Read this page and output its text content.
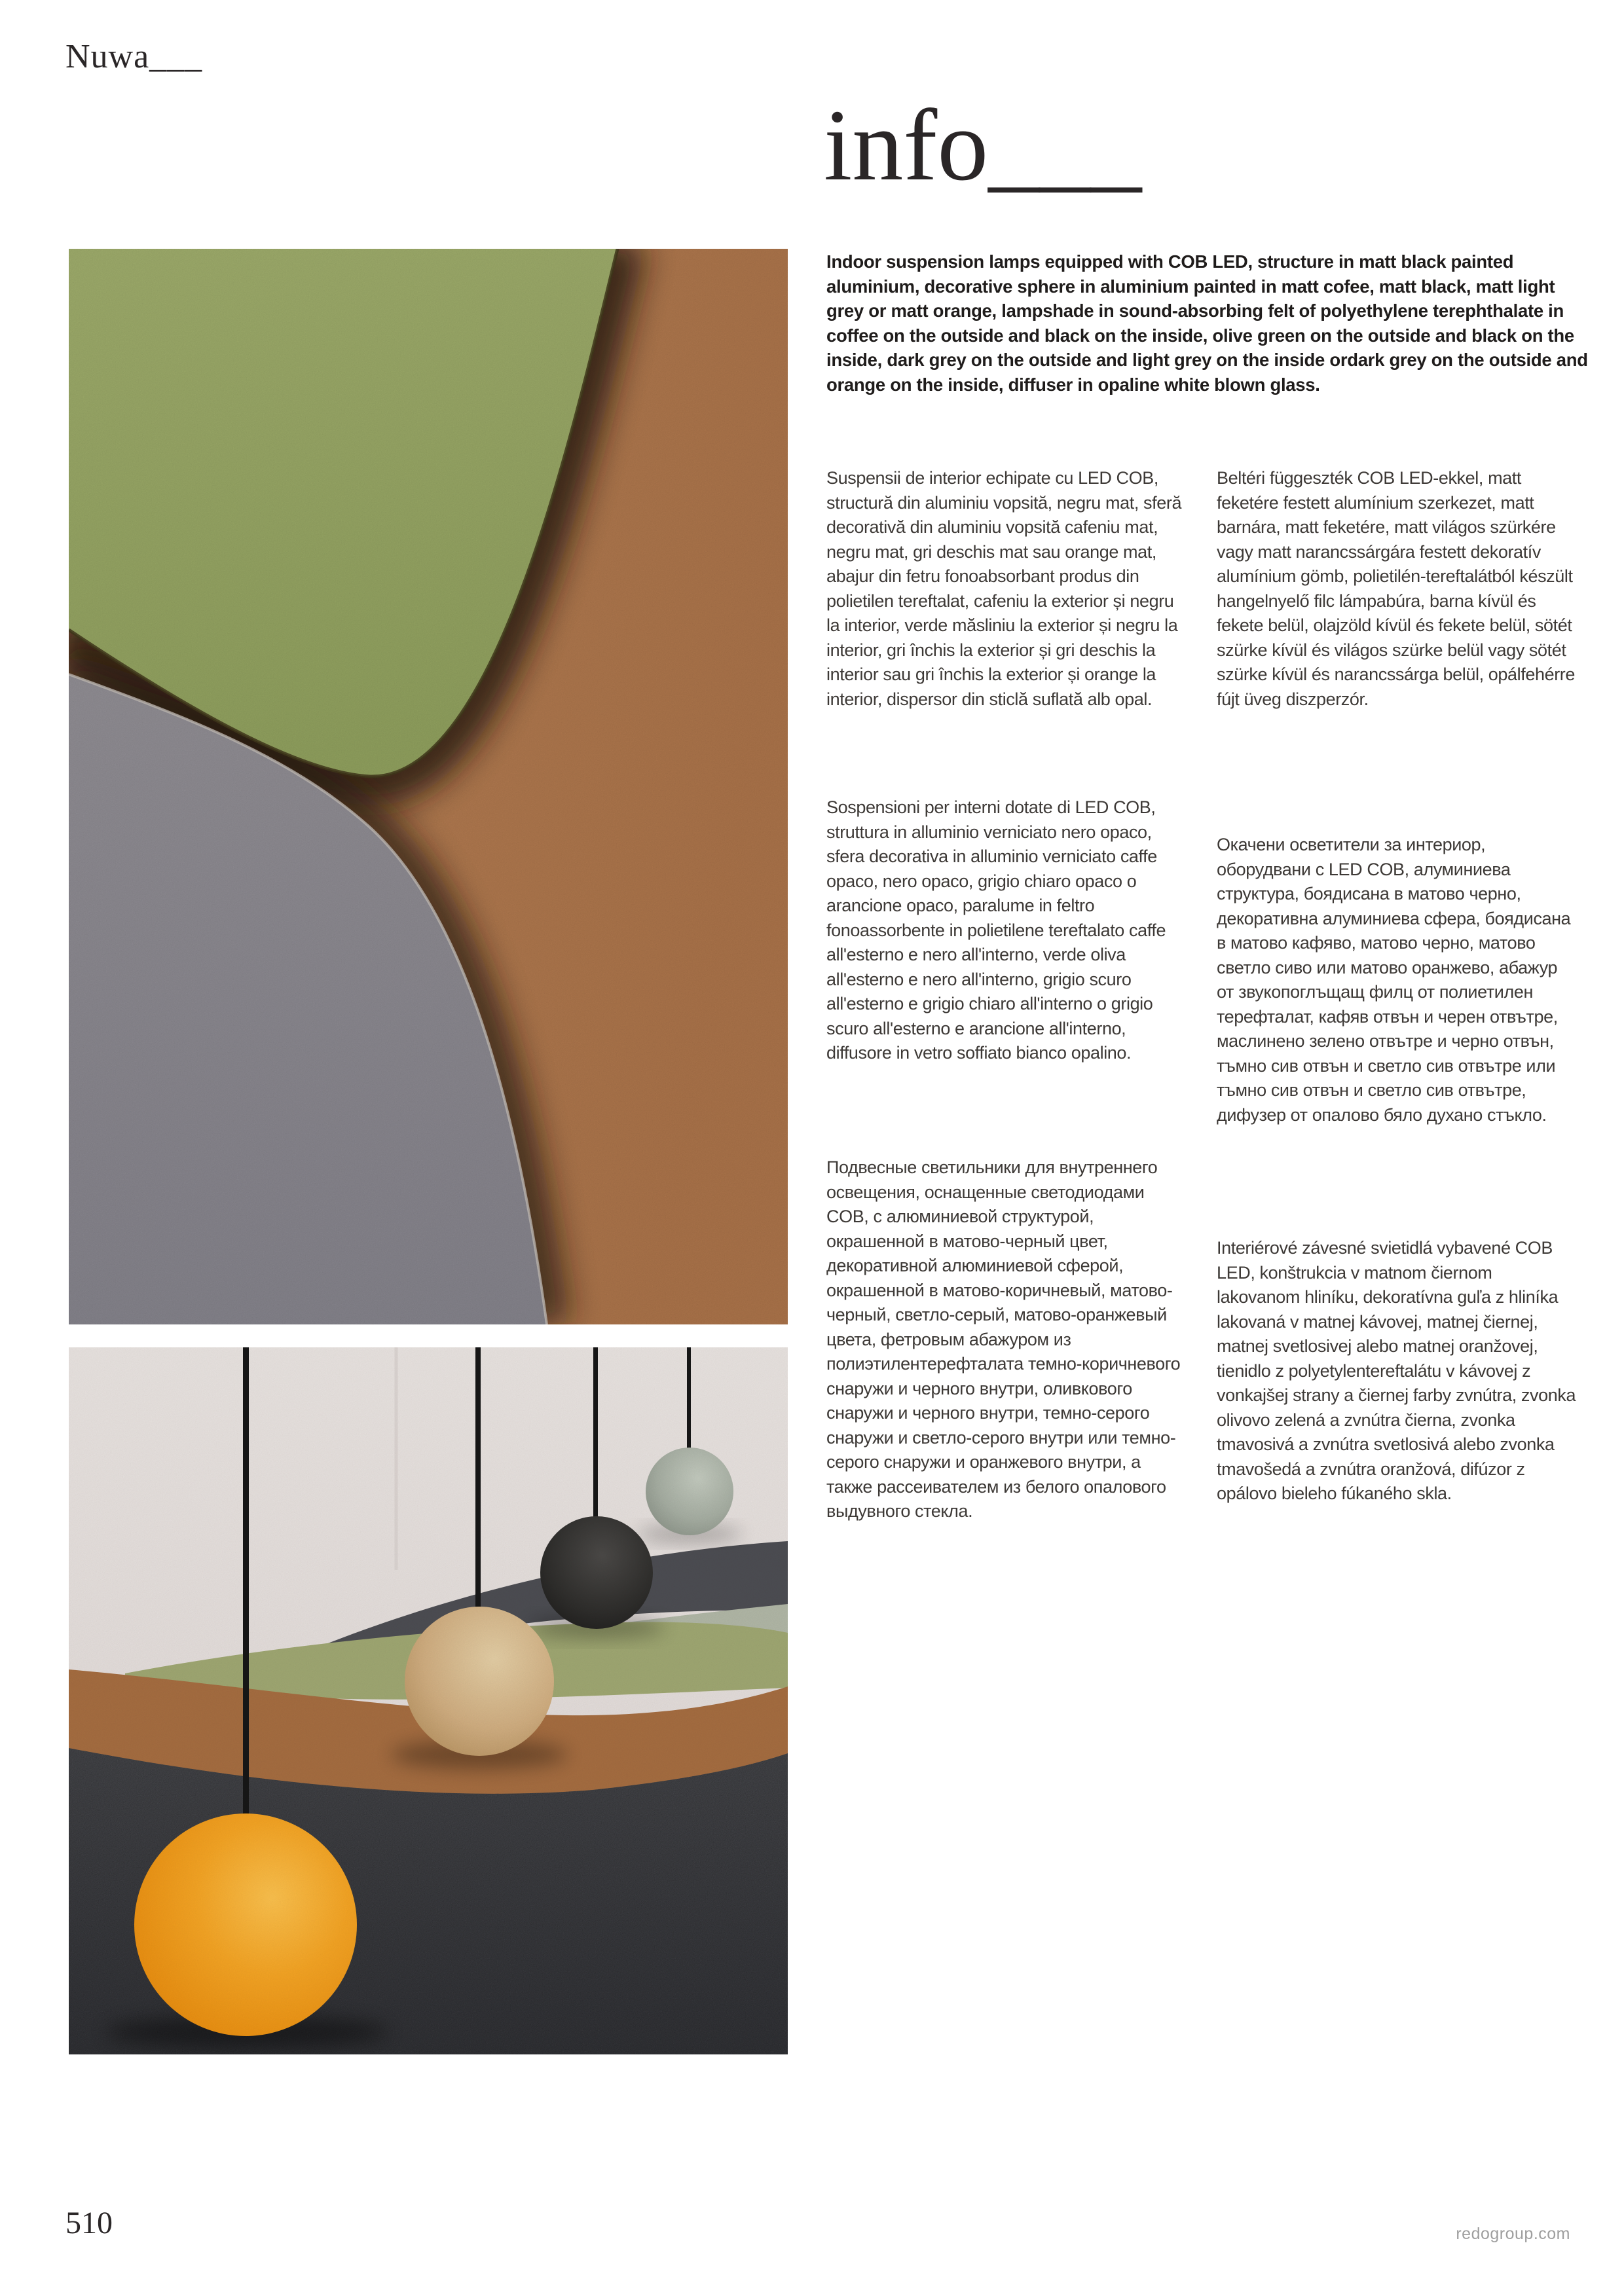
Nuwa___
info___

Indoor suspension lamps equipped with COB LED, structure in matt black painted aluminium, decorative sphere in aluminium painted in matt cofee, matt black, matt light grey or matt orange, lampshade in sound-absorbing felt of polyethylene terephthalate in coffee on the outside and black on the inside, olive green on the outside and black on the inside, dark grey on the outside and light grey on the inside ordark grey on the outside and orange on the inside, diffuser in opaline white blown glass.

Suspensii de interior echipate cu LED COB, structură din aluminiu vopsită, negru mat, sferă decorativă din aluminiu vopsită cafeniu mat, negru mat, gri deschis mat sau orange mat, abajur din fetru fonoabsorbant produs din polietilen tereftalat, cafeniu la exterior și negru la interior, verde măsliniu la exterior și negru la interior, gri închis la exterior și gri deschis la interior sau gri închis la exterior și orange la interior, dispersor din sticlă suflată alb opal.

Sospensioni per interni dotate di LED COB, struttura in alluminio verniciato nero opaco, sfera decorativa in alluminio verniciato caffe opaco, nero opaco, grigio chiaro opaco o arancione opaco, paralume in feltro fonoassorbente in polietilene tereftalato caffe all'esterno e nero all'interno, verde oliva all'esterno e nero all'interno, grigio scuro all'esterno e grigio chiaro all'interno o grigio scuro all'esterno e arancione all'interno, diffusore in vetro soffiato bianco opalino.

Подвесные светильники для внутреннего освещения, оснащенные светодиодами COB, с алюминиевой структурой, окрашенной в матово-черный цвет, декоративной алюминиевой сферой, окрашенной в матово-коричневый, матово-черный, светло-серый, матово-оранжевый цвета, фетровым абажуром из полиэтилентерефталата темно-коричневого снаружи и черного внутри, оливкового снаружи и черного внутри, темно-серого снаружи и светло-серого внутри или темно-серого снаружи и оранжевого внутри, а также рассеивателем из белого опалового выдувного стекла.

Beltéri függeszték COB LED-ekkel, matt feketére festett alumínium szerkezet, matt barnára, matt feketére, matt világos szürkére vagy matt narancssárgára festett dekoratív alumínium gömb, polietilén-tereftalátból készült hangelnyelő filc lámpabúra, barna kívül és fekete belül, olajzöld kívül és fekete belül, sötét szürke kívül és világos szürke belül vagy sötét szürke kívül és narancssárga belül, opálfehérre fújt üveg diszperzór.

Окачени осветители за интериор, оборудвани с LED COB, алуминиева структура, боядисана в матово черно, декоративна алуминиева сфера, боядисана в матово кафяво, матово черно, матово светло сиво или матово оранжево, абажур от звукопоглъщащ филц от полиетилен терефталат, кафяв отвън и черен отвътре, маслинено зелено отвътре и черно отвън, тъмно сив отвън и светло сив отвътре или тъмно сив отвън и светло сив отвътре, дифузер от опалово бяло духано стъкло.

Interiérové závesné svietidlá vybavené COB LED, konštrukcia v matnom čiernom lakovanom hliníku, dekoratívna guľa z hliníka lakovaná v matnej kávovej, matnej čiernej, matnej svetlosivej alebo matnej oranžovej, tienidlo z polyetylentereftalátu v kávovej z vonkajšej strany a čiernej farby zvnútra, zvonka olivovo zelená a zvnútra čierna, zvonka tmavosivá a zvnútra svetlosivá alebo zvonka tmavošedá a zvnútra oranžová, difúzor z opálovo bieleho fúkaného skla.

510	redogroup.com
